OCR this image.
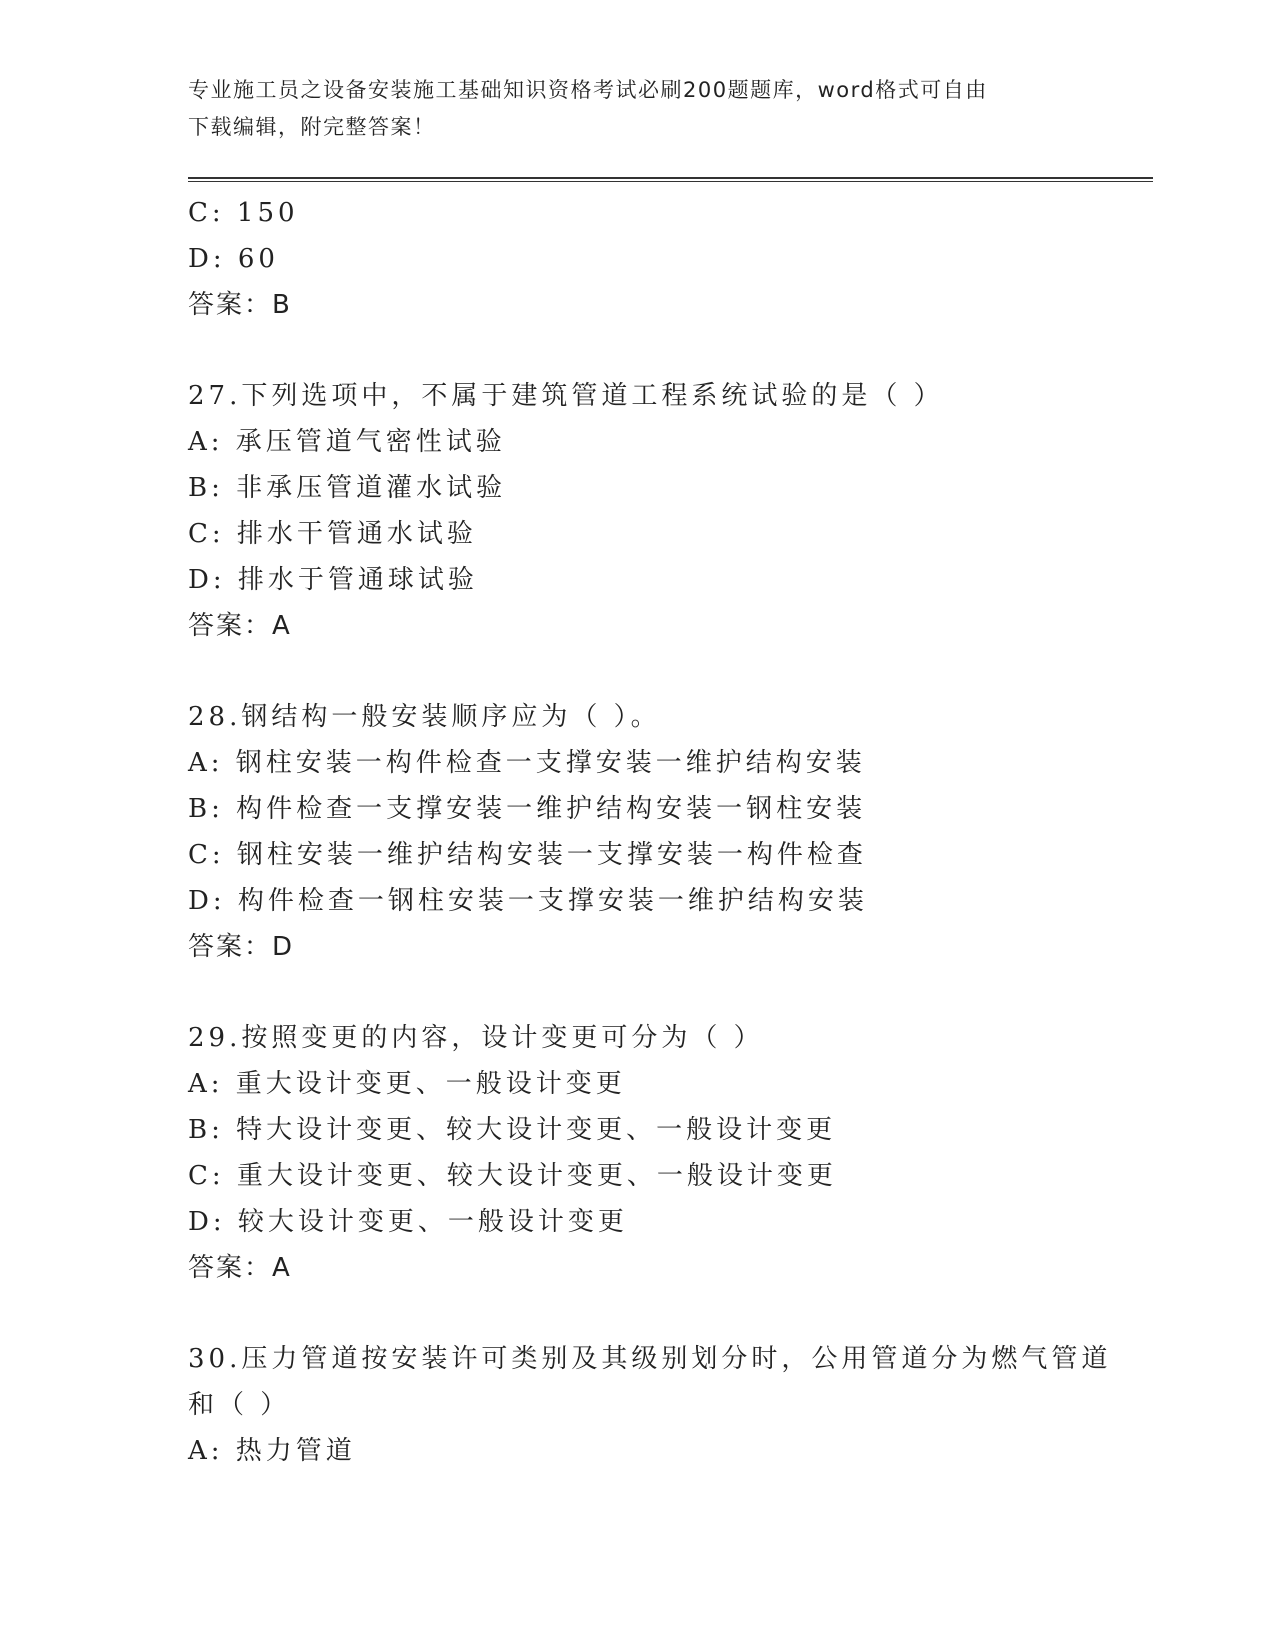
专业施工员之设备安装施工基础知识资格考试必刷200题题库，word格式可自由
下载编辑，附完整答案！
C: 150
D: 60
答案：B
27.下列选项中，不属于建筑管道工程系统试验的是（ ）
A: 承压管道气密性试验
B: 非承压管道灌水试验
C: 排水干管通水试验
D: 排水于管通球试验
答案：A
28.钢结构一般安装顺序应为（ ）。
A: 钢柱安装一构件检查一支撑安装一维护结构安装
B: 构件检查一支撑安装一维护结构安装一钢柱安装
C: 钢柱安装一维护结构安装一支撑安装一构件检查
D: 构件检查一钢柱安装一支撑安装一维护结构安装
答案：D
29.按照变更的内容，设计变更可分为（ ）
A: 重大设计变更、一般设计变更
B: 特大设计变更、较大设计变更、一般设计变更
C: 重大设计变更、较大设计变更、一般设计变更
D: 较大设计变更、一般设计变更
答案：A
30.压力管道按安装许可类别及其级别划分时，公用管道分为燃气管道
和（ ）
A: 热力管道
